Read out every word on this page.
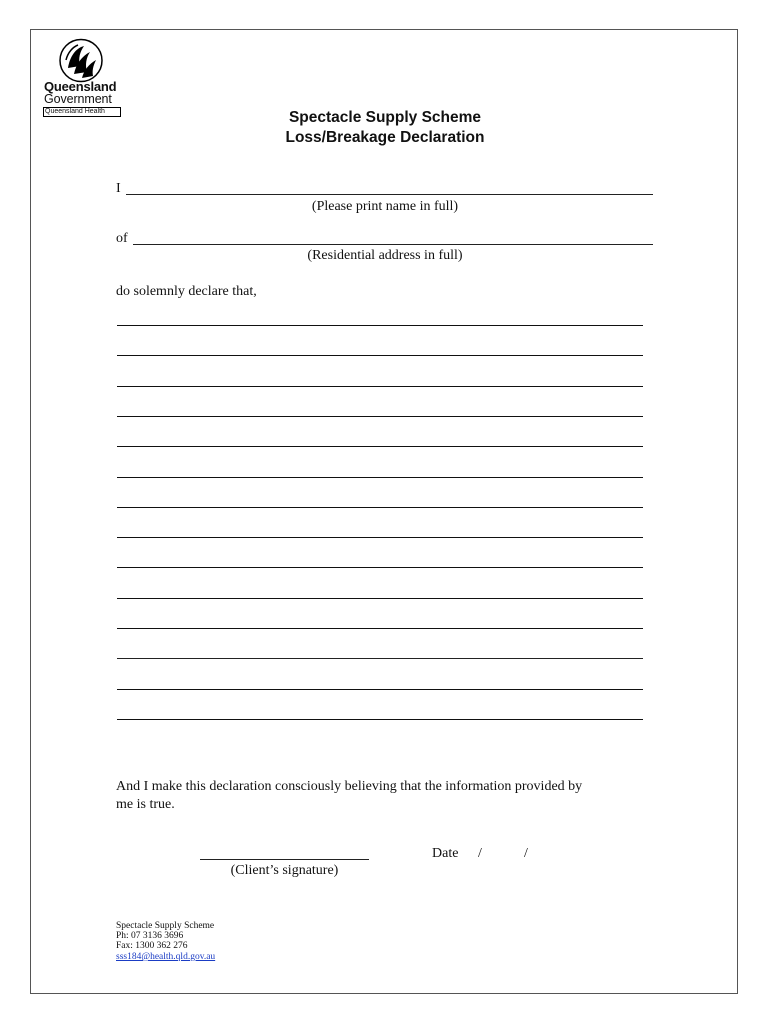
Queensland
Government
Queensland Health	Spectacle Supply Scheme
Loss/Breakage Declaration
I
(Please print name in full)
of
(Residential address in full)
do solemnly declare that,
And I make this declaration consciously believing that the information provided by
me is true.
(Client’s signature)
Date /	/
Spectacle Supply Scheme
Ph: 07 3136 3696
Fax: 1300 362 276
sss184@health.qld.gov.au
